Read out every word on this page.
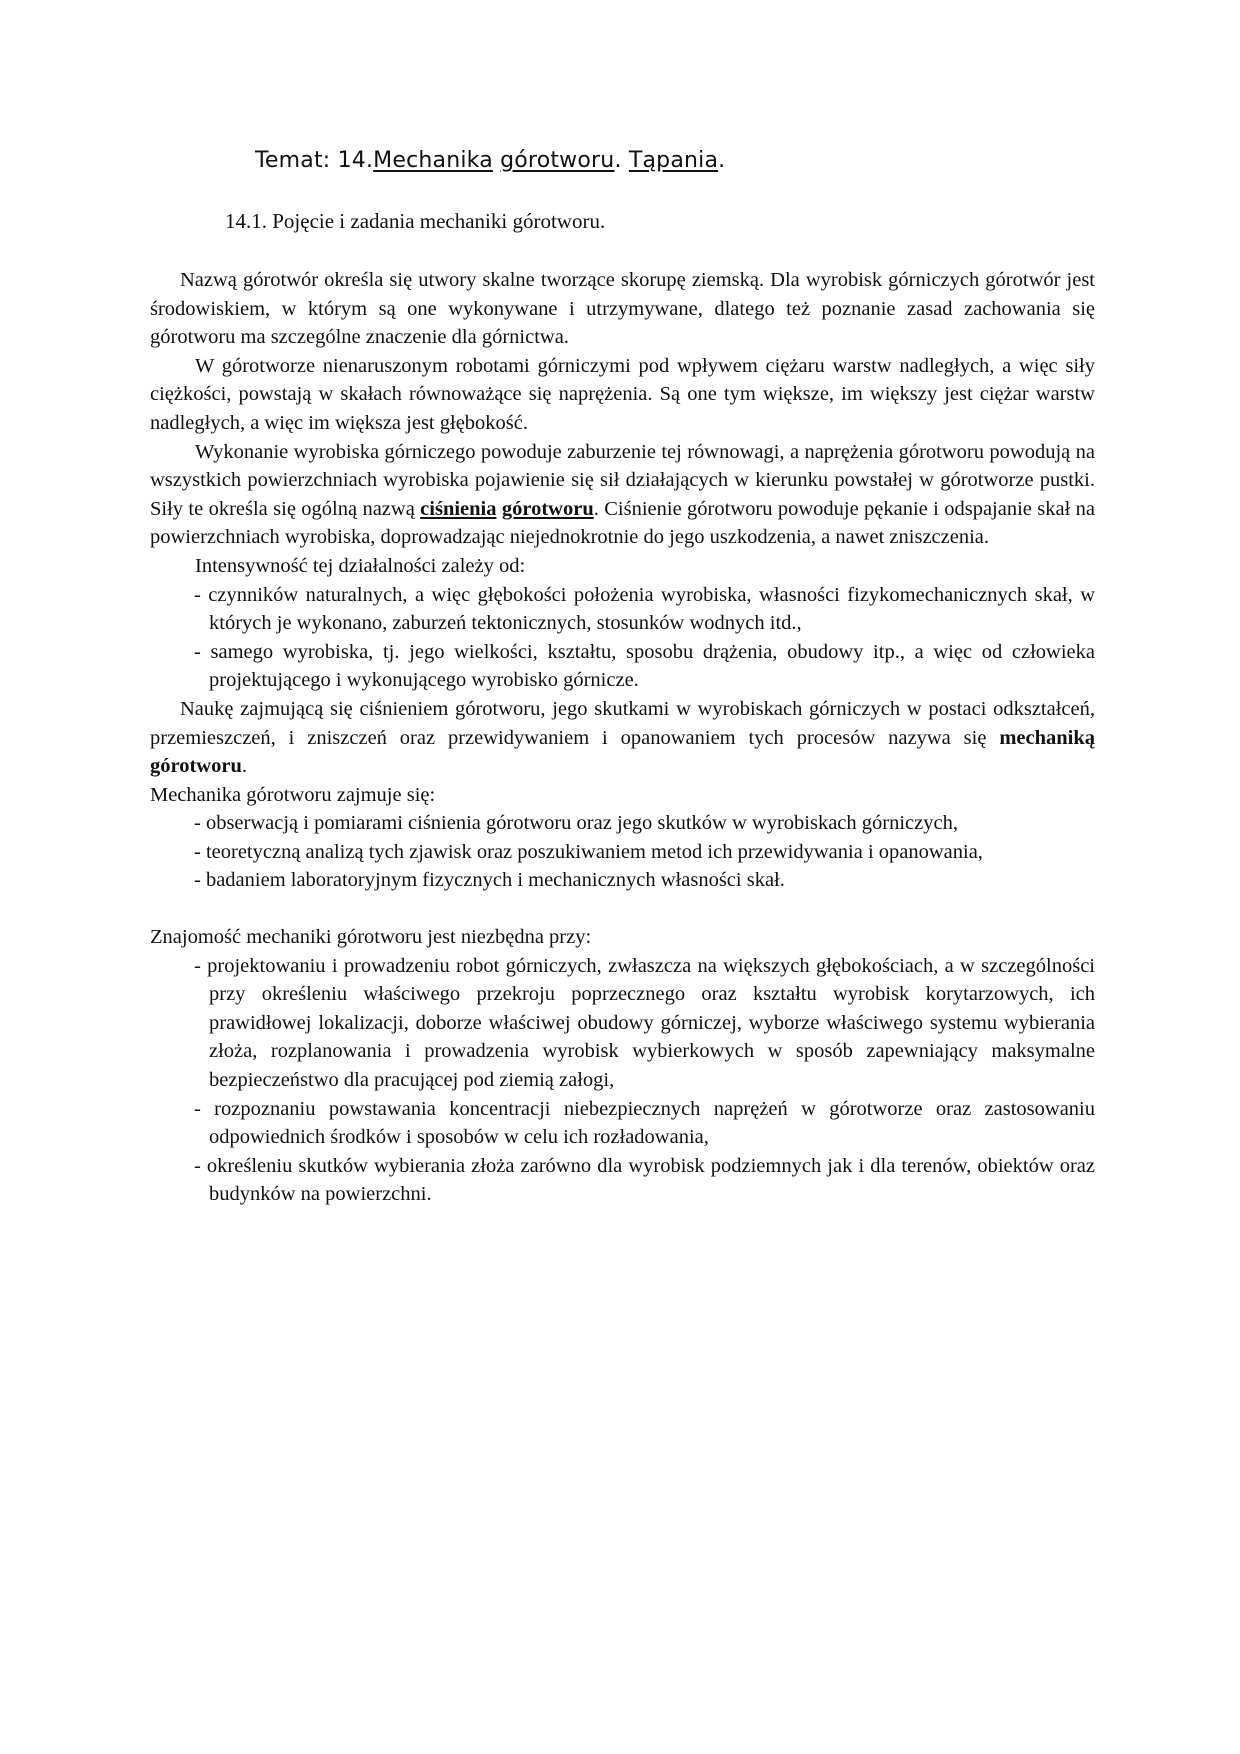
Temat: 14.Mechanika górotworu. Tąpania.
14.1. Pojęcie i zadania mechaniki górotworu.

Nazwą górotwór określa się utwory skalne tworzące skorupę ziemską. Dla wyrobisk górniczych górotwór jest środowiskiem, w którym są one wykonywane i utrzymywane, dlatego też poznanie zasad zachowania się górotworu ma szczególne znaczenie dla górnictwa.

W górotworze nienaruszonym robotami górniczymi pod wpływem ciężaru warstw nadległych, a więc siły ciężkości, powstają w skałach równoważące się naprężenia. Są one tym większe, im większy jest ciężar warstw nadległych, a więc im większa jest głębokość.

Wykonanie wyrobiska górniczego powoduje zaburzenie tej równowagi, a naprężenia górotworu powodują na wszystkich powierzchniach wyrobiska pojawienie się sił działających w kierunku powstałej w górotworze pustki. Siły te określa się ogólną nazwą ciśnienia górotworu. Ciśnienie górotworu powoduje pękanie i odspajanie skał na powierzchniach wyrobiska, doprowadzając niejednokrotnie do jego uszkodzenia, a nawet zniszczenia.

Intensywność tej działalności zależy od:

- czynników naturalnych, a więc głębokości położenia wyrobiska, własności fizykomechanicznych skał, w których je wykonano, zaburzeń tektonicznych, stosunków wodnych itd.,
- samego wyrobiska, tj. jego wielkości, kształtu, sposobu drążenia, obudowy itp., a więc od człowieka projektującego i wykonującego wyrobisko górnicze.

Naukę zajmującą się ciśnieniem górotworu, jego skutkami w wyrobiskach górniczych w postaci odkształceń, przemieszczeń, i zniszczeń oraz przewidywaniem i opanowaniem tych procesów nazywa się mechaniką górotworu.

Mechanika górotworu zajmuje się:

- obserwacją i pomiarami ciśnienia górotworu oraz jego skutków w wyrobiskach górniczych,
- teoretyczną analizą tych zjawisk oraz poszukiwaniem metod ich przewidywania i opanowania,
- badaniem laboratoryjnym fizycznych i mechanicznych własności skał.

Znajomość mechaniki górotworu jest niezbędna przy:

- projektowaniu i prowadzeniu robot górniczych, zwłaszcza na większych głębokościach, a w szczególności przy określeniu właściwego przekroju poprzecznego oraz kształtu wyrobisk korytarzowych, ich prawidłowej lokalizacji, doborze właściwej obudowy górniczej, wyborze właściwego systemu wybierania złoża, rozplanowania i prowadzenia wyrobisk wybierkowych w sposób zapewniający maksymalne bezpieczeństwo dla pracującej pod ziemią załogi,
- rozpoznaniu powstawania koncentracji niebezpiecznych naprężeń w górotworze oraz zastosowaniu odpowiednich środków i sposobów w celu ich rozładowania,
- określeniu skutków wybierania złoża zarówno dla wyrobisk podziemnych jak i dla terenów, obiektów oraz budynków na powierzchni.
